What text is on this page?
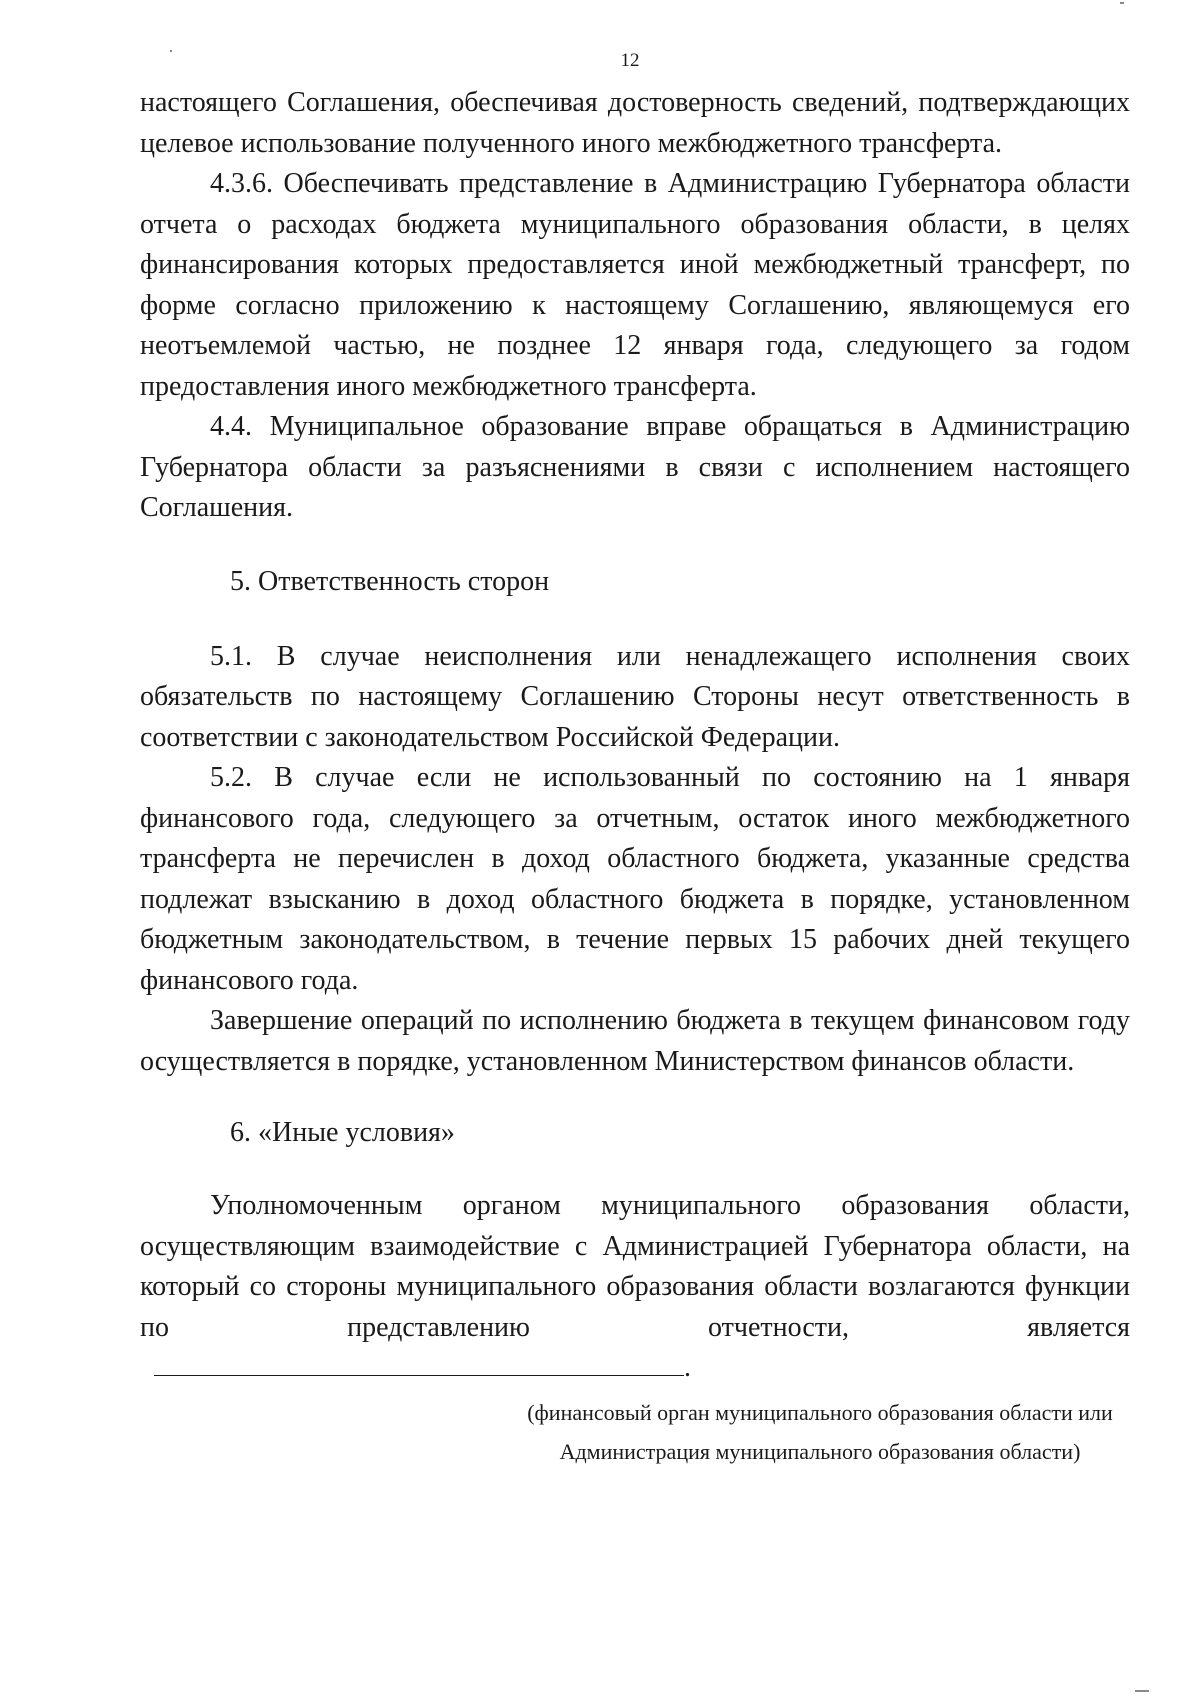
12

настоящего Соглашения, обеспечивая достоверность сведений, подтверждающих целевое использование полученного иного межбюджетного трансферта.

4.3.6. Обеспечивать представление в Администрацию Губернатора области отчета о расходах бюджета муниципального образования области, в целях финансирования которых предоставляется иной межбюджетный трансферт, по форме согласно приложению к настоящему Соглашению, являющемуся его неотъемлемой частью, не позднее 12 января года, следующего за годом предоставления иного межбюджетного трансферта.

4.4. Муниципальное образование вправе обращаться в Администрацию Губернатора области за разъяснениями в связи с исполнением настоящего Соглашения.

5. Ответственность сторон

5.1. В случае неисполнения или ненадлежащего исполнения своих обязательств по настоящему Соглашению Стороны несут ответственность в соответствии с законодательством Российской Федерации.

5.2. В случае если не использованный по состоянию на 1 января финансового года, следующего за отчетным, остаток иного межбюджетного трансферта не перечислен в доход областного бюджета, указанные средства подлежат взысканию в доход областного бюджета в порядке, установленном бюджетным законодательством, в течение первых 15 рабочих дней текущего финансового года.

Завершение операций по исполнению бюджета в текущем финансовом году осуществляется в порядке, установленном Министерством финансов области.

6. «Иные условия»

Уполномоченным органом муниципального образования области, осуществляющим взаимодействие с Администрацией Губернатора области, на который со стороны муниципального образования области возлагаются функции по представлению отчетности, является.

(финансовый орган муниципального образования области или Администрация муниципального образования области)
